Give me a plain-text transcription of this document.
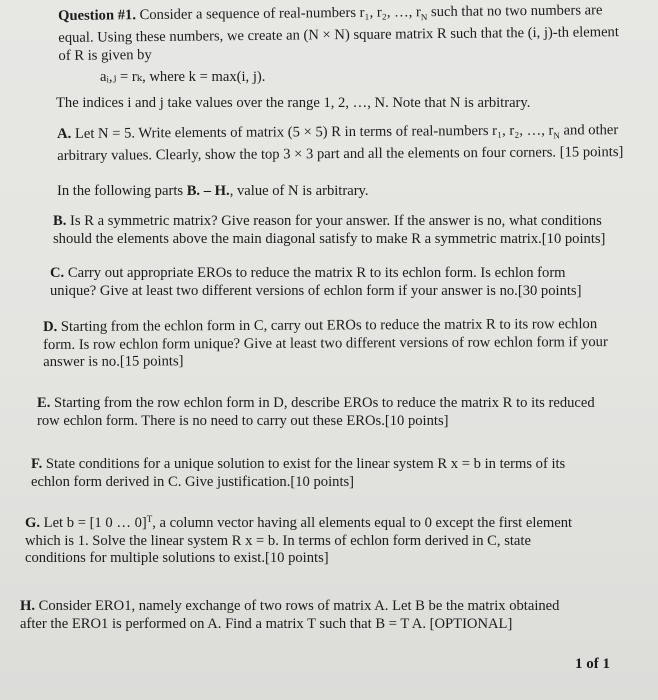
Question #1. Consider a sequence of real-numbers r₁, r₂, …, $r_N$ such that no two numbers are
equal. Using these numbers, we create an (N × N) square matrix R such that the (i, j)-th element
of R is given by
aᵢ,ⱼ = rₖ, where k = max(i, j).
The indices i and j take values over the range 1, 2, …, N. Note that N is arbitrary.
A. Let N = 5. Write elements of matrix (5 × 5) R in terms of real-numbers r₁, r₂, …, $r_N$ and other
arbitrary values. Clearly, show the top 3 × 3 part and all the elements on four corners. [15 points]
In the following parts B. – H., value of N is arbitrary.
B. Is R a symmetric matrix? Give reason for your answer. If the answer is no, what conditions
should the elements above the main diagonal satisfy to make R a symmetric matrix.[10 points]
C. Carry out appropriate EROs to reduce the matrix R to its echlon form. Is echlon form
unique? Give at least two different versions of echlon form if your answer is no.[30 points]
D. Starting from the echlon form in C, carry out EROs to reduce the matrix R to its row echlon
form. Is row echlon form unique? Give at least two different versions of row echlon form if your
answer is no.[15 points]
E. Starting from the row echlon form in D, describe EROs to reduce the matrix R to its reduced
row echlon form. There is no need to carry out these EROs.[10 points]
F. State conditions for a unique solution to exist for the linear system R x = b in terms of its
echlon form derived in C. Give justification.[10 points]
G. Let b = [1 0 … 0]$^T$, a column vector having all elements equal to 0 except the first element
which is 1. Solve the linear system R x = b. In terms of echlon form derived in C, state
conditions for multiple solutions to exist.[10 points]
H. Consider ERO1, namely exchange of two rows of matrix A. Let B be the matrix obtained
after the ERO1 is performed on A. Find a matrix T such that B = T A. [OPTIONAL]
1 of 1
